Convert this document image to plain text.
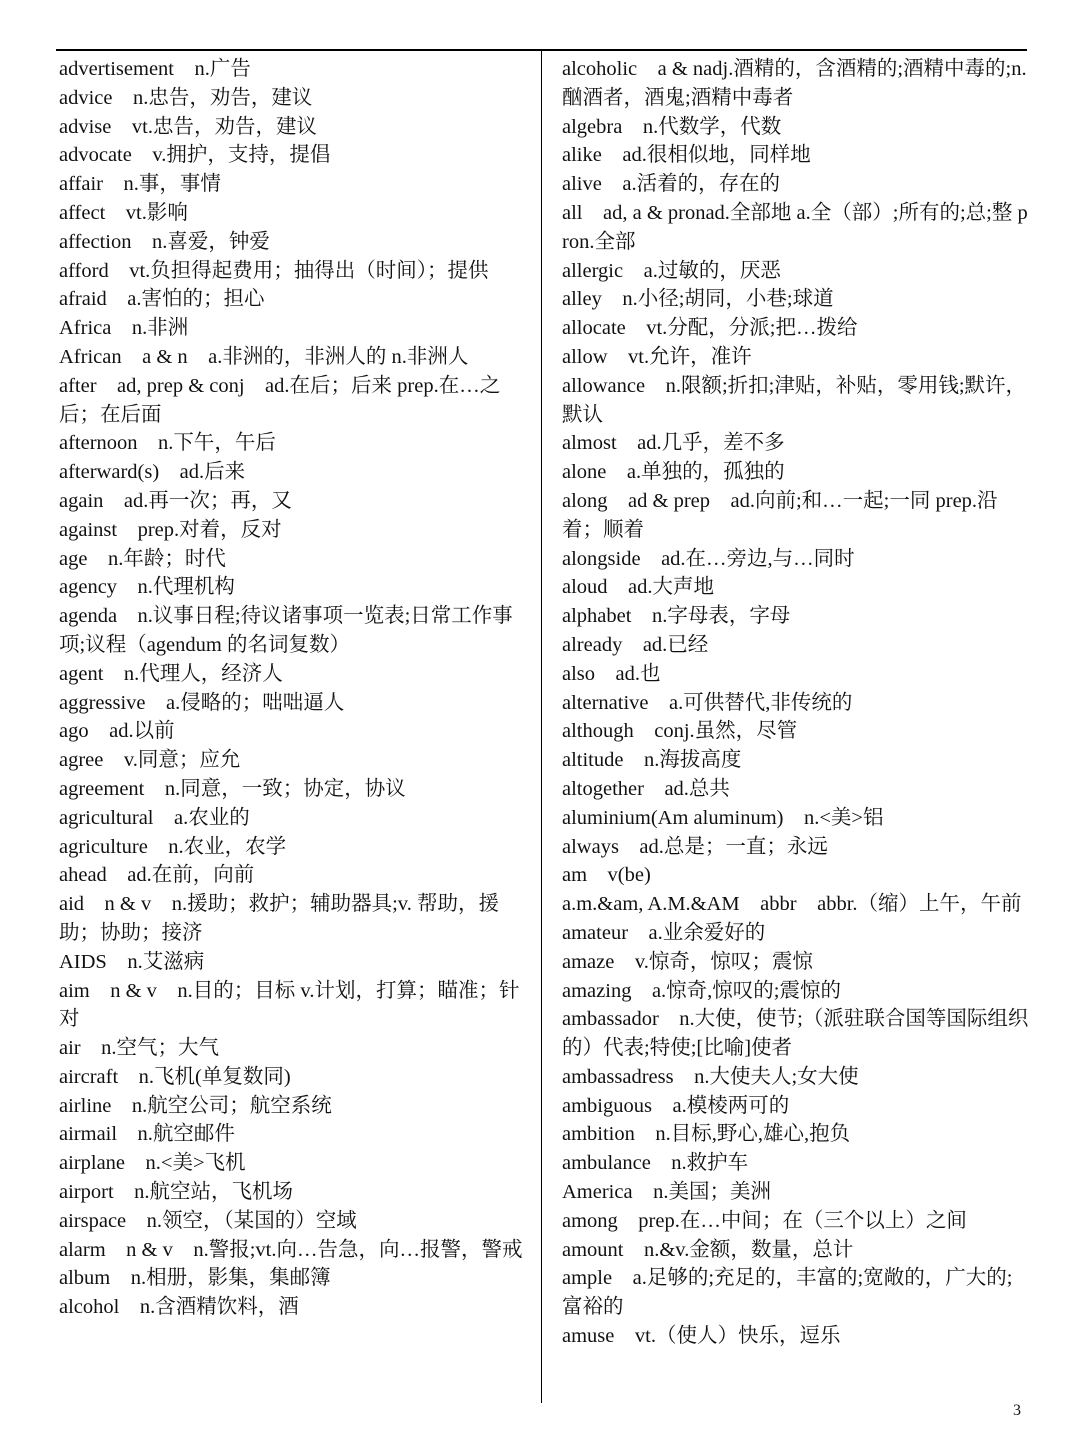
advertisement n.广告

advice n.忠告，劝告，建议

advise vt.忠告，劝告，建议

advocate v.拥护，支持，提倡

affair n.事，事情

affect vt.影响

affection n.喜爱，钟爱

afford vt.负担得起费用；抽得出（时间）；提供

afraid a.害怕的；担心

Africa n.非洲

African a & n a.非洲的，非洲人的 n.非洲人

after ad, prep & conj ad.在后；后来 prep.在…之后；在后面

afternoon n.下午，午后

afterward(s) ad.后来

again ad.再一次；再，又

against prep.对着，反对

age n.年龄；时代

agency n.代理机构

agenda n.议事日程;待议诸事项一览表;日常工作事项;议程（agendum 的名词复数）

agent n.代理人，经济人

aggressive a.侵略的；咄咄逼人

ago ad.以前

agree v.同意；应允

agreement n.同意，一致；协定，协议

agricultural a.农业的

agriculture n.农业，农学

ahead ad.在前，向前

aid n & v n.援助；救护；辅助器具;v. 帮助，援助；协助；接济

AIDS n.艾滋病

aim n & v n.目的；目标 v.计划，打算；瞄准；针对

air n.空气；大气

aircraft n.飞机(单复数同)

airline n.航空公司；航空系统

airmail n.航空邮件

airplane n.<美>飞机

airport n.航空站，飞机场

airspace n.领空，（某国的）空域

alarm n & v n.警报;vt.向…告急，向…报警，警戒

album n.相册，影集，集邮簿

alcohol n.含酒精饮料，酒

alcoholic a & nadj.酒精的，含酒精的;酒精中毒的;n.酗酒者，酒鬼;酒精中毒者

algebra n.代数学，代数

alike ad.很相似地，同样地

alive a.活着的，存在的

all ad, a & pronad.全部地 a.全（部）;所有的;总;整 pron.全部

allergic a.过敏的，厌恶

alley n.小径;胡同，小巷;球道

allocate vt.分配，分派;把…拨给

allow vt.允许，准许

allowance n.限额;折扣;津贴，补贴，零用钱;默许，默认

almost ad.几乎，差不多

alone a.单独的，孤独的

along ad & prep ad.向前;和…一起;一同 prep.沿着；顺着

alongside ad.在…旁边,与…同时

aloud ad.大声地

alphabet n.字母表，字母

already ad.已经

also ad.也

alternative a.可供替代,非传统的

although conj.虽然，尽管

altitude n.海拔高度

altogether ad.总共

aluminium(Am aluminum) n.<美>铝

always ad.总是；一直；永远

am v(be)

a.m.&am, A.M.&AM abbr abbr.（缩）上午，午前

amateur a.业余爱好的

amaze v.惊奇，惊叹；震惊

amazing a.惊奇,惊叹的;震惊的

ambassador n.大使，使节;（派驻联合国等国际组织的）代表;特使;[比喻]使者

ambassadress n.大使夫人;女大使

ambiguous a.模棱两可的

ambition n.目标,野心,雄心,抱负

ambulance n.救护车

America n.美国；美洲

among prep.在…中间；在（三个以上）之间

amount n.&v.金额，数量，总计

ample a.足够的;充足的，丰富的;宽敞的，广大的;富裕的

amuse vt.（使人）快乐，逗乐

3
